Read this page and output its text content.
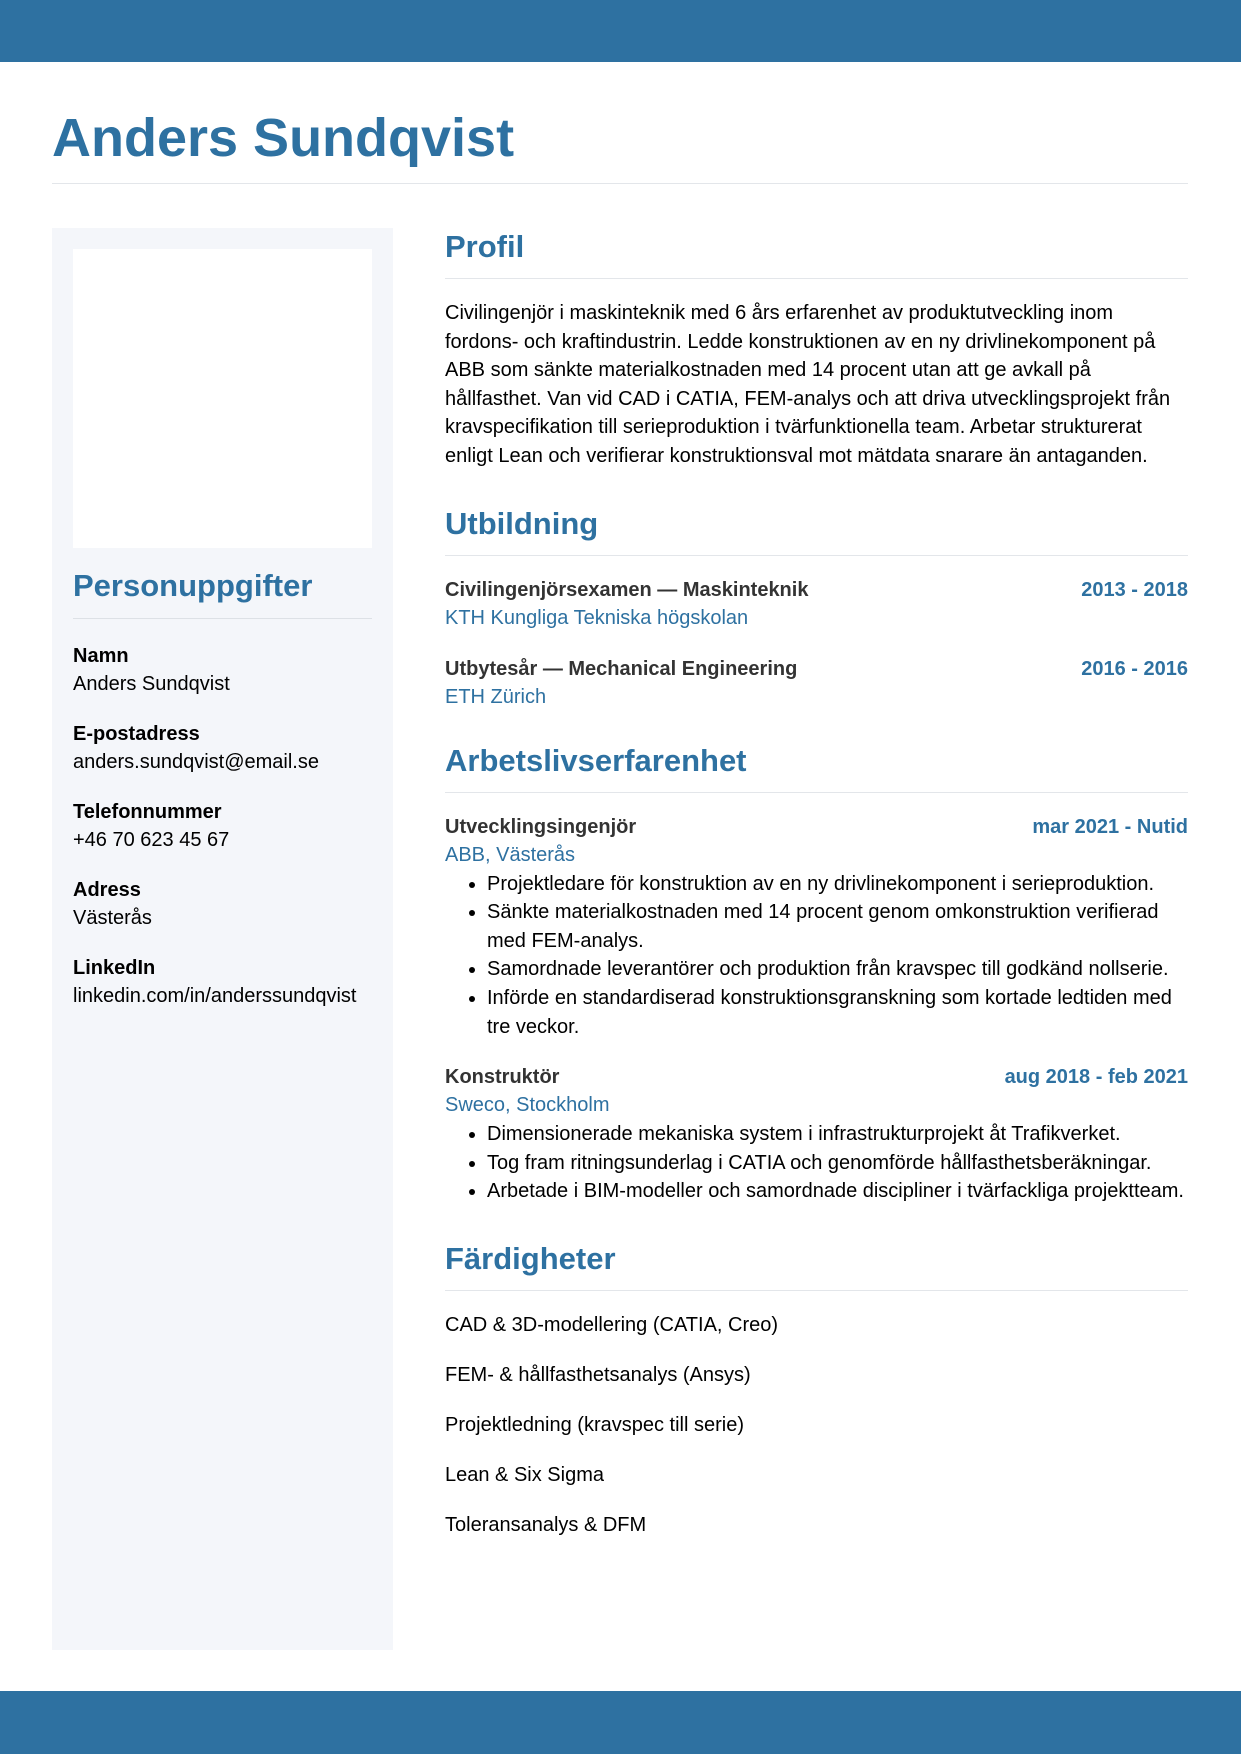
Anders Sundqvist
Personuppgifter
Namn
Anders Sundqvist
E-postadress
anders.sundqvist@email.se
Telefonnummer
+46 70 623 45 67
Adress
Västerås
LinkedIn
linkedin.com/in/anderssundqvist
Profil

Civilingenjör i maskinteknik med 6 års erfarenhet av produktutveckling inom fordons- och kraftindustrin. Ledde konstruktionen av en ny drivlinekomponent på ABB som sänkte materialkostnaden med 14 procent utan att ge avkall på hållfasthet. Van vid CAD i CATIA, FEM-analys och att driva utvecklingsprojekt från kravspecifikation till serieproduktion i tvärfunktionella team. Arbetar strukturerat enligt Lean och verifierar konstruktionsval mot mätdata snarare än antaganden.

Utbildning
Civilingenjörsexamen — Maskinteknik	2013 - 2018
KTH Kungliga Tekniska högskolan
Utbytesår — Mechanical Engineering	2016 - 2016
ETH Zürich
Arbetslivserfarenhet
Utvecklingsingenjör	mar 2021 - Nutid
ABB, Västerås
• Projektledare för konstruktion av en ny drivlinekomponent i serieproduktion.
• Sänkte materialkostnaden med 14 procent genom omkonstruktion verifierad med FEM-analys.
• Samordnade leverantörer och produktion från kravspec till godkänd nollserie.
• Införde en standardiserad konstruktionsgranskning som kortade ledtiden med tre veckor.
Konstruktör	aug 2018 - feb 2021
Sweco, Stockholm
• Dimensionerade mekaniska system i infrastrukturprojekt åt Trafikverket.
• Tog fram ritningsunderlag i CATIA och genomförde hållfasthetsberäkningar.
• Arbetade i BIM-modeller och samordnade discipliner i tvärfackliga projektteam.
Färdigheter
CAD & 3D-modellering (CATIA, Creo)
FEM- & hållfasthetsanalys (Ansys)
Projektledning (kravspec till serie)
Lean & Six Sigma
Toleransanalys & DFM
